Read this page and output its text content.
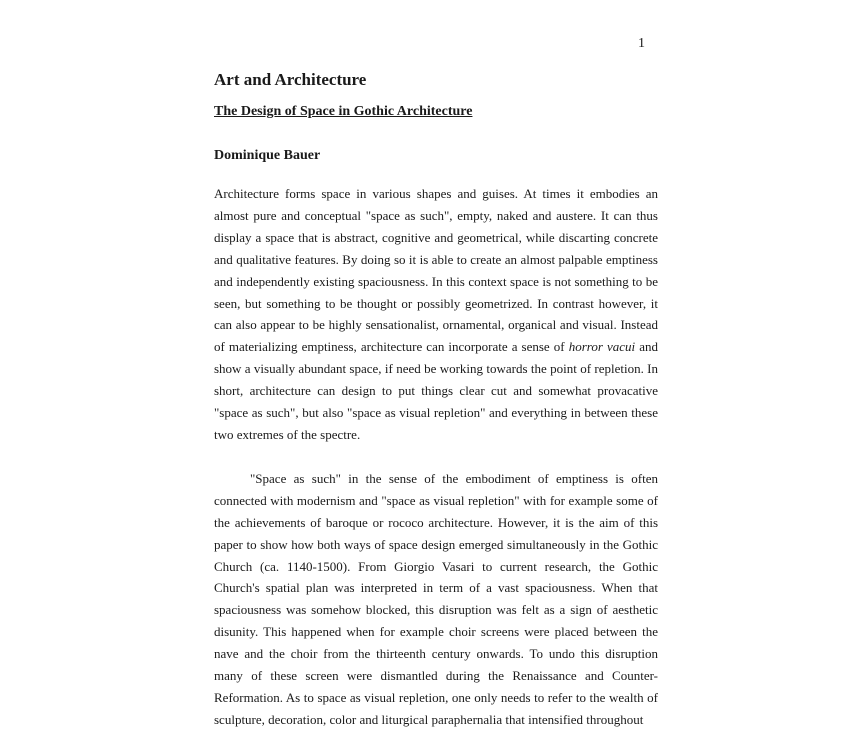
1
Art and Architecture
The Design of Space in Gothic Architecture
Dominique Bauer

Architecture forms space in various shapes and guises. At times it embodies an almost pure and conceptual "space as such", empty, naked and austere. It can thus display a space that is abstract, cognitive and geometrical, while discarting concrete and qualitative features. By doing so it is able to create an almost palpable emptiness and independently existing spaciousness. In this context space is not something to be seen, but something to be thought or possibly geometrized. In contrast however, it can also appear to be highly sensationalist, ornamental, organical and visual. Instead of materializing emptiness, architecture can incorporate a sense of horror vacui and show a visually abundant space, if need be working towards the point of repletion. In short, architecture can design to put things clear cut and somewhat provacative "space as such", but also "space as visual repletion" and everything in between these two extremes of the spectre.

"Space as such" in the sense of the embodiment of emptiness is often connected with modernism and "space as visual repletion" with for example some of the achievements of baroque or rococo architecture. However, it is the aim of this paper to show how both ways of space design emerged simultaneously in the Gothic Church (ca. 1140-1500). From Giorgio Vasari to current research, the Gothic Church's spatial plan was interpreted in term of a vast spaciousness. When that spaciousness was somehow blocked, this disruption was felt as a sign of aesthetic disunity. This happened when for example choir screens were placed between the nave and the choir from the thirteenth century onwards. To undo this disruption many of these screen were dismantled during the Renaissance and Counter-Reformation. As to space as visual repletion, one only needs to refer to the wealth of sculpture, decoration, color and liturgical paraphernalia that intensified throughout
